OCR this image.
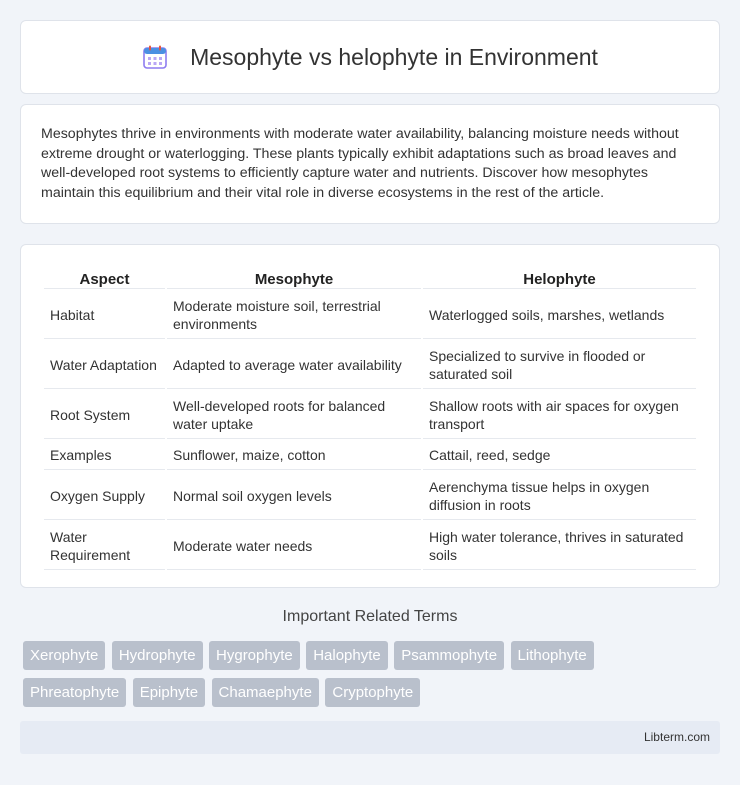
Mesophyte vs helophyte in Environment

Mesophytes thrive in environments with moderate water availability, balancing moisture needs without extreme drought or waterlogging. These plants typically exhibit adaptations such as broad leaves and well-developed root systems to efficiently capture water and nutrients. Discover how mesophytes maintain this equilibrium and their vital role in diverse ecosystems in the rest of the article.

Aspect	Mesophyte	Helophyte
Habitat	Moderate moisture soil, terrestrial environments	Waterlogged soils, marshes, wetlands
Water Adaptation	Adapted to average water availability	Specialized to survive in flooded or saturated soil
Root System	Well-developed roots for balanced water uptake	Shallow roots with air spaces for oxygen transport
Examples	Sunflower, maize, cotton	Cattail, reed, sedge
Oxygen Supply	Normal soil oxygen levels	Aerenchyma tissue helps in oxygen diffusion in roots
Water Requirement	Moderate water needs	High water tolerance, thrives in saturated soils
Important Related Terms
Xerophyte Hydrophyte Hygrophyte Halophyte Psammophyte Lithophyte
Phreatophyte Epiphyte Chamaephyte Cryptophyte
Libterm.com
